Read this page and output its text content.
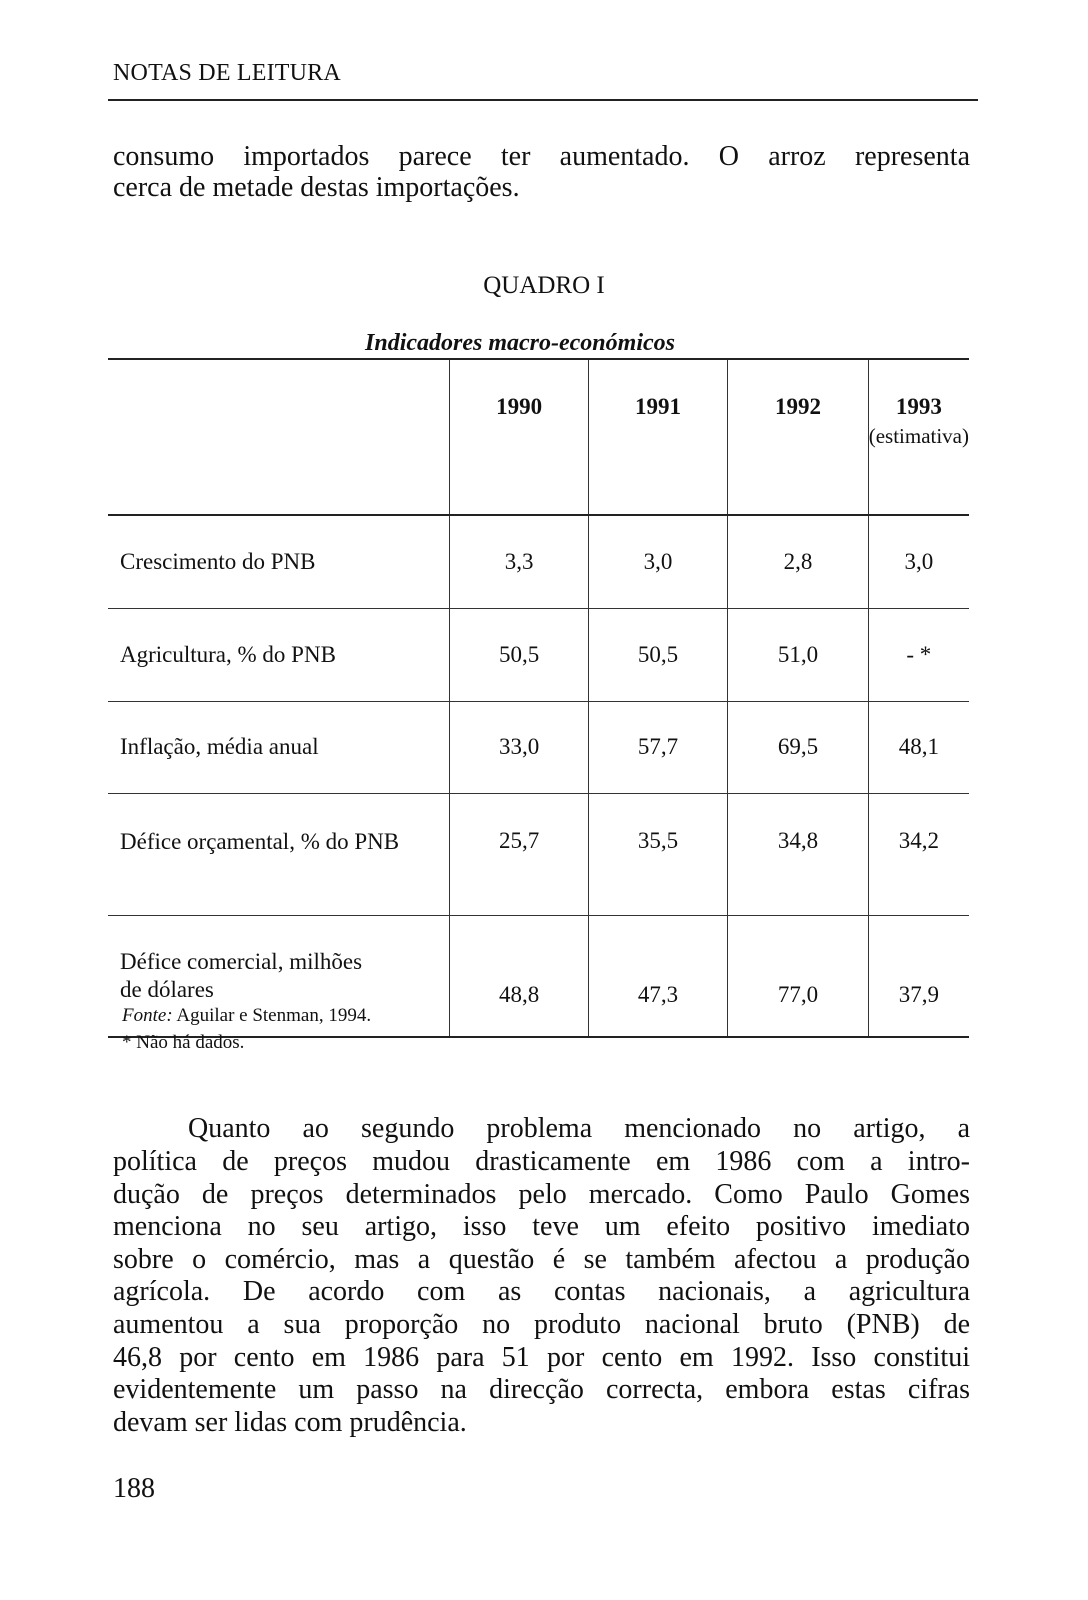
NOTAS DE LEITURA
consumo importados parece ter aumentado. O arroz representa
cerca de metade destas importações.
QUADRO I
Indicadores macro-económicos

	1990	1991	1992	1993
(estimativa)

Crescimento do PNB	3,3	3,0	2,8	3,0
Agricultura, % do PNB	50,5	50,5	51,0	- *
Inflação, média anual	33,0	57,7	69,5	48,1
Défice orçamental, % do PNB	25,7	35,5	34,8	34,2
Défice comercial, milhões de dólares	48,8	47,3	77,0	37,9
Fonte: Aguilar e Stenman, 1994.
* Não há dados.
Quanto ao segundo problema mencionado no artigo, a
política de preços mudou drasticamente em 1986 com a intro-
dução de preços determinados pelo mercado. Como Paulo Gomes
menciona no seu artigo, isso teve um efeito positivo imediato
sobre o comércio, mas a questão é se também afectou a produção
agrícola. De acordo com as contas nacionais, a agricultura
aumentou a sua proporção no produto nacional bruto (PNB) de
46,8 por cento em 1986 para 51 por cento em 1992. Isso constitui
evidentemente um passo na direcção correcta, embora estas cifras
devam ser lidas com prudência.
188
